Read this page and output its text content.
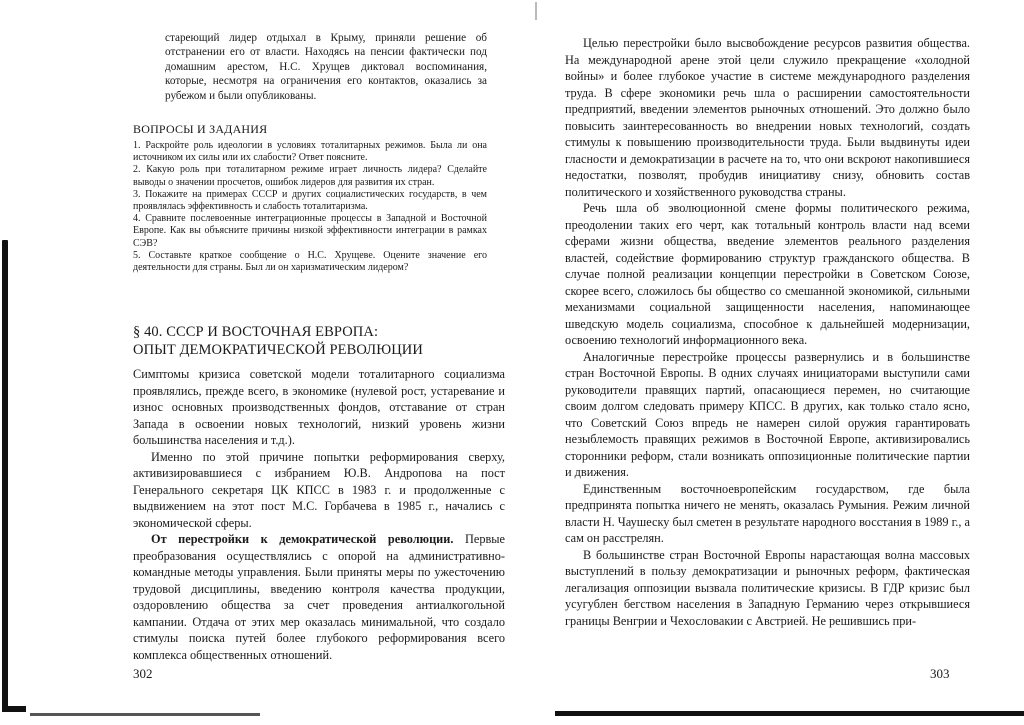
стареющий лидер отдыхал в Крыму, приняли решение об отстранении его от власти. Находясь на пенсии фактически под домашним арестом, Н.С. Хрущев диктовал воспоминания, которые, несмотря на ограничения его контактов, оказались за рубежом и были опубликованы.
ВОПРОСЫ И ЗАДАНИЯ

1. Раскройте роль идеологии в условиях тоталитарных режимов. Была ли она источником их силы или их слабости? Ответ поясните.

2. Какую роль при тоталитарном режиме играет личность лидера? Сделайте выводы о значении просчетов, ошибок лидеров для развития их стран.

3. Покажите на примерах СССР и других социалистических государств, в чем проявлялась эффективность и слабость тоталитаризма.

4. Сравните послевоенные интеграционные процессы в Западной и Восточной Европе. Как вы объясните причины низкой эффективности интеграции в рамках СЭВ?

5. Составьте краткое сообщение о Н.С. Хрущеве. Оцените значение его деятельности для страны. Был ли он харизматическим лидером?

§ 40. СССР И ВОСТОЧНАЯ ЕВРОПА:
ОПЫТ ДЕМОКРАТИЧЕСКОЙ РЕВОЛЮЦИИ

Симптомы кризиса советской модели тоталитарного социализма проявлялись, прежде всего, в экономике (нулевой рост, устаревание и износ основных производственных фондов, отставание от стран Запада в освоении новых технологий, низкий уровень жизни большинства населения и т.д.).

Именно по этой причине попытки реформирования сверху, активизировавшиеся с избранием Ю.В. Андропова на пост Генерального секретаря ЦК КПСС в 1983 г. и продолженные с выдвижением на этот пост М.С. Горбачева в 1985 г., начались с экономической сферы.

От перестройки к демократической революции. Первые преобразования осуществлялись с опорой на административно-командные методы управления. Были приняты меры по ужесточению трудовой дисциплины, введению контроля качества продукции, оздоровлению общества за счет проведения антиалкогольной кампании. Отдача от этих мер оказалась минимальной, что создало стимулы поиска путей более глубокого реформирования всего комплекса общественных отношений.

302

Целью перестройки было высвобождение ресурсов развития общества. На международной арене этой цели служило прекращение «холодной войны» и более глубокое участие в системе международного разделения труда. В сфере экономики речь шла о расширении самостоятельности предприятий, введении элементов рыночных отношений. Это должно было повысить заинтересованность во внедрении новых технологий, создать стимулы к повышению производительности труда. Были выдвинуты идеи гласности и демократизации в расчете на то, что они вскроют накопившиеся недостатки, позволят, пробудив инициативу снизу, обновить состав политического и хозяйственного руководства страны.

Речь шла об эволюционной смене формы политического режима, преодолении таких его черт, как тотальный контроль власти над всеми сферами жизни общества, введение элементов реального разделения властей, содействие формированию структур гражданского общества. В случае полной реализации концепции перестройки в Советском Союзе, скорее всего, сложилось бы общество со смешанной экономикой, сильными механизмами социальной защищенности населения, напоминающее шведскую модель социализма, способное к дальнейшей модернизации, освоению технологий информационного века.

Аналогичные перестройке процессы развернулись и в большинстве стран Восточной Европы. В одних случаях инициаторами выступили сами руководители правящих партий, опасающиеся перемен, но считающие своим долгом следовать примеру КПСС. В других, как только стало ясно, что Советский Союз впредь не намерен силой оружия гарантировать незыблемость правящих режимов в Восточной Европе, активизировались сторонники реформ, стали возникать оппозиционные политические партии и движения.

Единственным восточноевропейским государством, где была предпринята попытка ничего не менять, оказалась Румыния. Режим личной власти Н. Чаушеску был сметен в результате народного восстания в 1989 г., а сам он расстрелян.

В большинстве стран Восточной Европы нарастающая волна массовых выступлений в пользу демократизации и рыночных реформ, фактическая легализация оппозиции вызвала политические кризисы. В ГДР кризис был усугублен бегством населения в Западную Германию через открывшиеся границы Венгрии и Чехословакии с Австрией. Не решившись при-

303
